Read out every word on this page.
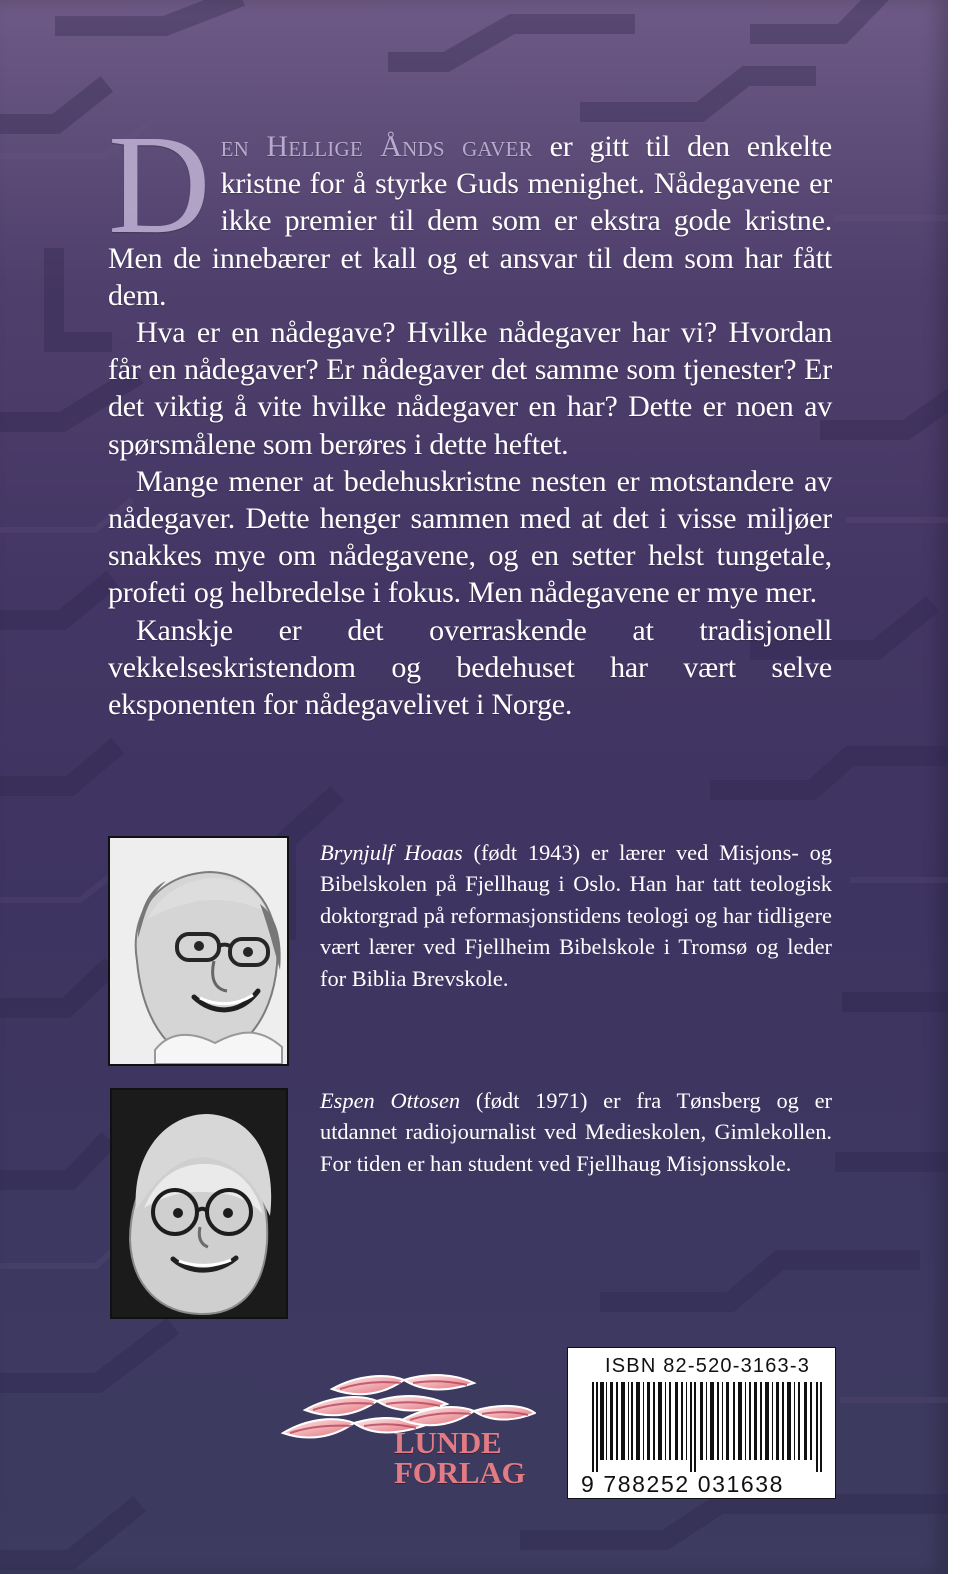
D en Hellige Ånds gaver er gitt til den enkelte kristne for å styrke Guds menighet. Nådegavene er ikke premier til dem som er ekstra gode kristne. Men de innebærer et kall og et ansvar til dem som har fått dem.

Hva er en nådegave? Hvilke nådegaver har vi? Hvordan får en nådegaver? Er nådegaver det samme som tjenester? Er det viktig å vite hvilke nådegaver en har? Dette er noen av spørsmålene som berøres i dette heftet.

Mange mener at bedehuskristne nesten er motstandere av nådegaver. Dette henger sammen med at det i visse miljøer snakkes mye om nådegavene, og en setter helst tungetale, profeti og helbredelse i fokus. Men nådegavene er mye mer.

Kanskje er det overraskende at tradisjonell vekkelseskristendom og bedehuset har vært selve eksponenten for nådegavelivet i Norge.

Brynjulf Hoaas (født 1943) er lærer ved Misjons- og Bibelskolen på Fjellhaug i Oslo. Han har tatt teologisk doktorgrad på reformasjonstidens teologi og har tidligere vært lærer ved Fjellheim Bibelskole i Tromsø og leder for Biblia Brevskole.

Espen Ottosen (født 1971) er fra Tønsberg og er utdannet radiojournalist ved Medieskolen, Gimlekollen. For tiden er han student ved Fjellhaug Misjonsskole.

LUNDE
FORLAG
ISBN 82-520-3163-3
9 788252 031638
